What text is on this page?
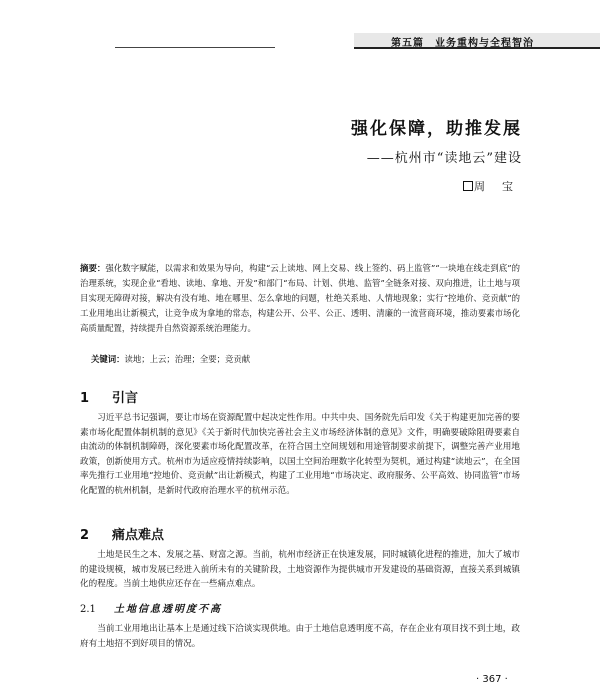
第五篇　业务重构与全程智治
强化保障，助推发展
——杭州市“读地云”建设
周　宝
摘要：强化数字赋能，以需求和效果为导向，构建“云上读地、网上交易、线上签约、码上监管”“一块地在线走到底”的治理系统，实现企业“看地、读地、拿地、开发”和部门“布局、计划、供地、监管”全链条对接、双向推进，让土地与项目实现无障碍对接，解决有没有地、地在哪里、怎么拿地的问题，杜绝关系地、人情地现象；实行“控地价、竞贡献”的工业用地出让新模式，让竞争成为拿地的常态，构建公开、公平、公正、透明、清廉的一流营商环境，推动要素市场化高质量配置，持续提升自然资源系统治理能力。
关键词：读地；上云；治理；全要；竞贡献
1 引言
习近平总书记强调，要让市场在资源配置中起决定性作用。中共中央、国务院先后印发《关于构建更加完善的要素市场化配置体制机制的意见》《关于新时代加快完善社会主义市场经济体制的意见》文件，明确要破除阻碍要素自由流动的体制机制障碍，深化要素市场化配置改革，在符合国土空间规划和用途管制要求前提下，调整完善产业用地政策，创新使用方式。杭州市为适应疫情持续影响，以国土空间治理数字化转型为契机，通过构建“读地云”，在全国率先推行工业用地“控地价、竞贡献”出让新模式，构建了工业用地“市场决定、政府服务、公平高效、协同监管”市场化配置的杭州机制，是新时代政府治理水平的杭州示范。
2 痛点难点
土地是民生之本、发展之基、财富之源。当前，杭州市经济正在快速发展，同时城镇化进程的推进，加大了城市的建设规模，城市发展已经进入前所未有的关键阶段，土地资源作为提供城市开发建设的基础资源，直接关系到城镇化的程度。当前土地供应还存在一些痛点难点。
2.1 土地信息透明度不高
当前工业用地出让基本上是通过线下洽谈实现供地。由于土地信息透明度不高，存在企业有项目找不到土地，政府有土地招不到好项目的情况。
· 367 ·
